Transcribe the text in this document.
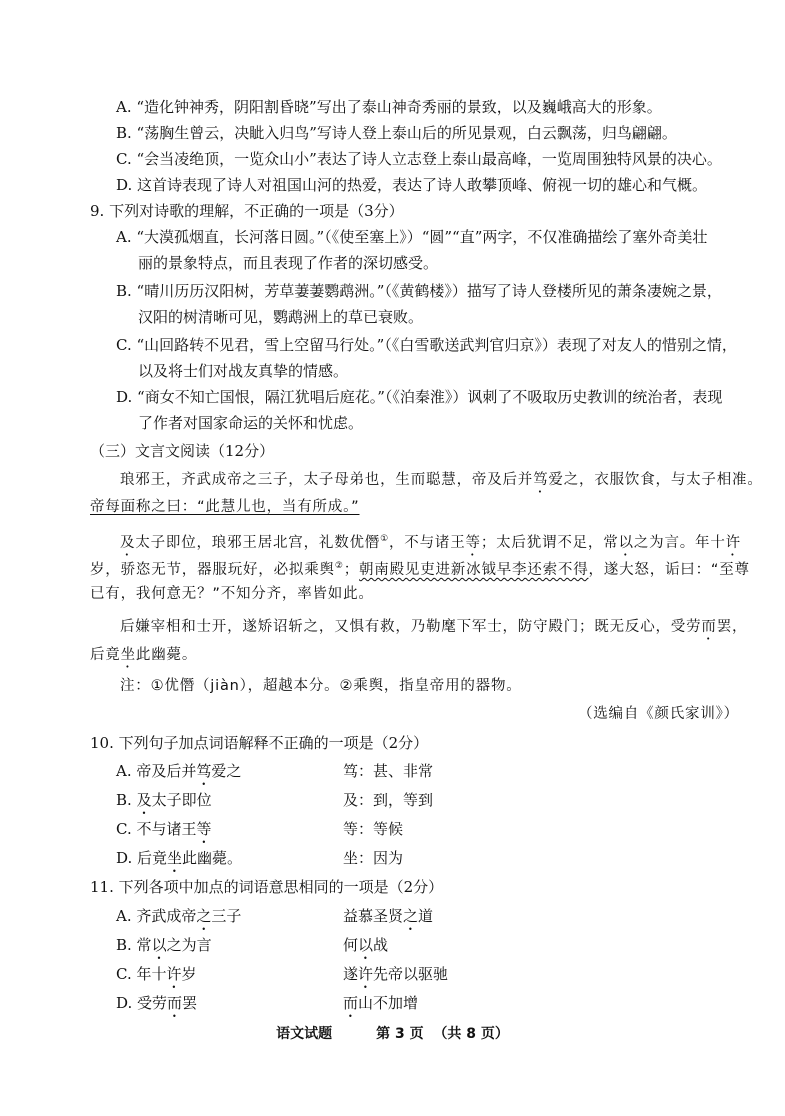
A. “造化钟神秀，阴阳割昏晓”写出了泰山神奇秀丽的景致，以及巍峨高大的形象。
B. “荡胸生曾云，决眦入归鸟”写诗人登上泰山后的所见景观，白云飘荡，归鸟翩翩。
C. “会当凌绝顶，一览众山小”表达了诗人立志登上泰山最高峰，一览周围独特风景的决心。
D. 这首诗表现了诗人对祖国山河的热爱，表达了诗人敢攀顶峰、俯视一切的雄心和气概。
9. 下列对诗歌的理解，不正确的一项是（3分）
A. “大漠孤烟直，长河落日圆。”（《使至塞上》）“圆”“直”两字，不仅准确描绘了塞外奇美壮
丽的景象特点，而且表现了作者的深切感受。
B. “晴川历历汉阳树，芳草萋萋鹦鹉洲。”（《黄鹤楼》）描写了诗人登楼所见的萧条凄婉之景，
汉阳的树清晰可见，鹦鹉洲上的草已衰败。
C. “山回路转不见君，雪上空留马行处。”（《白雪歌送武判官归京》）表现了对友人的惜别之情，
以及将士们对战友真挚的情感。
D. “商女不知亡国恨，隔江犹唱后庭花。”（《泊秦淮》）讽刺了不吸取历史教训的统治者，表现
了作者对国家命运的关怀和忧虑。
（三）文言文阅读（12分）
琅邪王，齐武成帝之三子，太子母弟也，生而聪慧，帝及后并笃爱之，衣服饮食，与太子相准。
帝每面称之曰：“此慧儿也，当有所成。”
及太子即位，琅邪王居北宫，礼数优僭①，不与诸王等；太后犹谓不足，常以之为言。年十许
岁，骄恣无节，器服玩好，必拟乘舆②；朝南殿见吏进新冰钺早李还索不得，遂大怒，诟曰：“至尊
已有，我何意无？”不知分齐，率皆如此。
后嫌宰相和士开，遂矫诏斩之，又惧有救，乃勒麾下军士，防守殿门；既无反心，受劳而罢，
后竟坐此幽薨。
注：①优僭（jiàn），超越本分。②乘舆，指皇帝用的器物。
（选编自《颜氏家训》）
10. 下列句子加点词语解释不正确的一项是（2分）
A. 帝及后并笃爱之	笃：甚、非常
B. 及太子即位	及：到，等到
C. 不与诸王等	等：等候
D. 后竟坐此幽薨。	坐：因为
11. 下列各项中加点的词语意思相同的一项是（2分）
A. 齐武成帝之三子	益慕圣贤之道
B. 常以之为言	何以战
C. 年十许岁	遂许先帝以驱驰
D. 受劳而罢	而山不加增
语文试题	第 3 页  （共 8 页）
